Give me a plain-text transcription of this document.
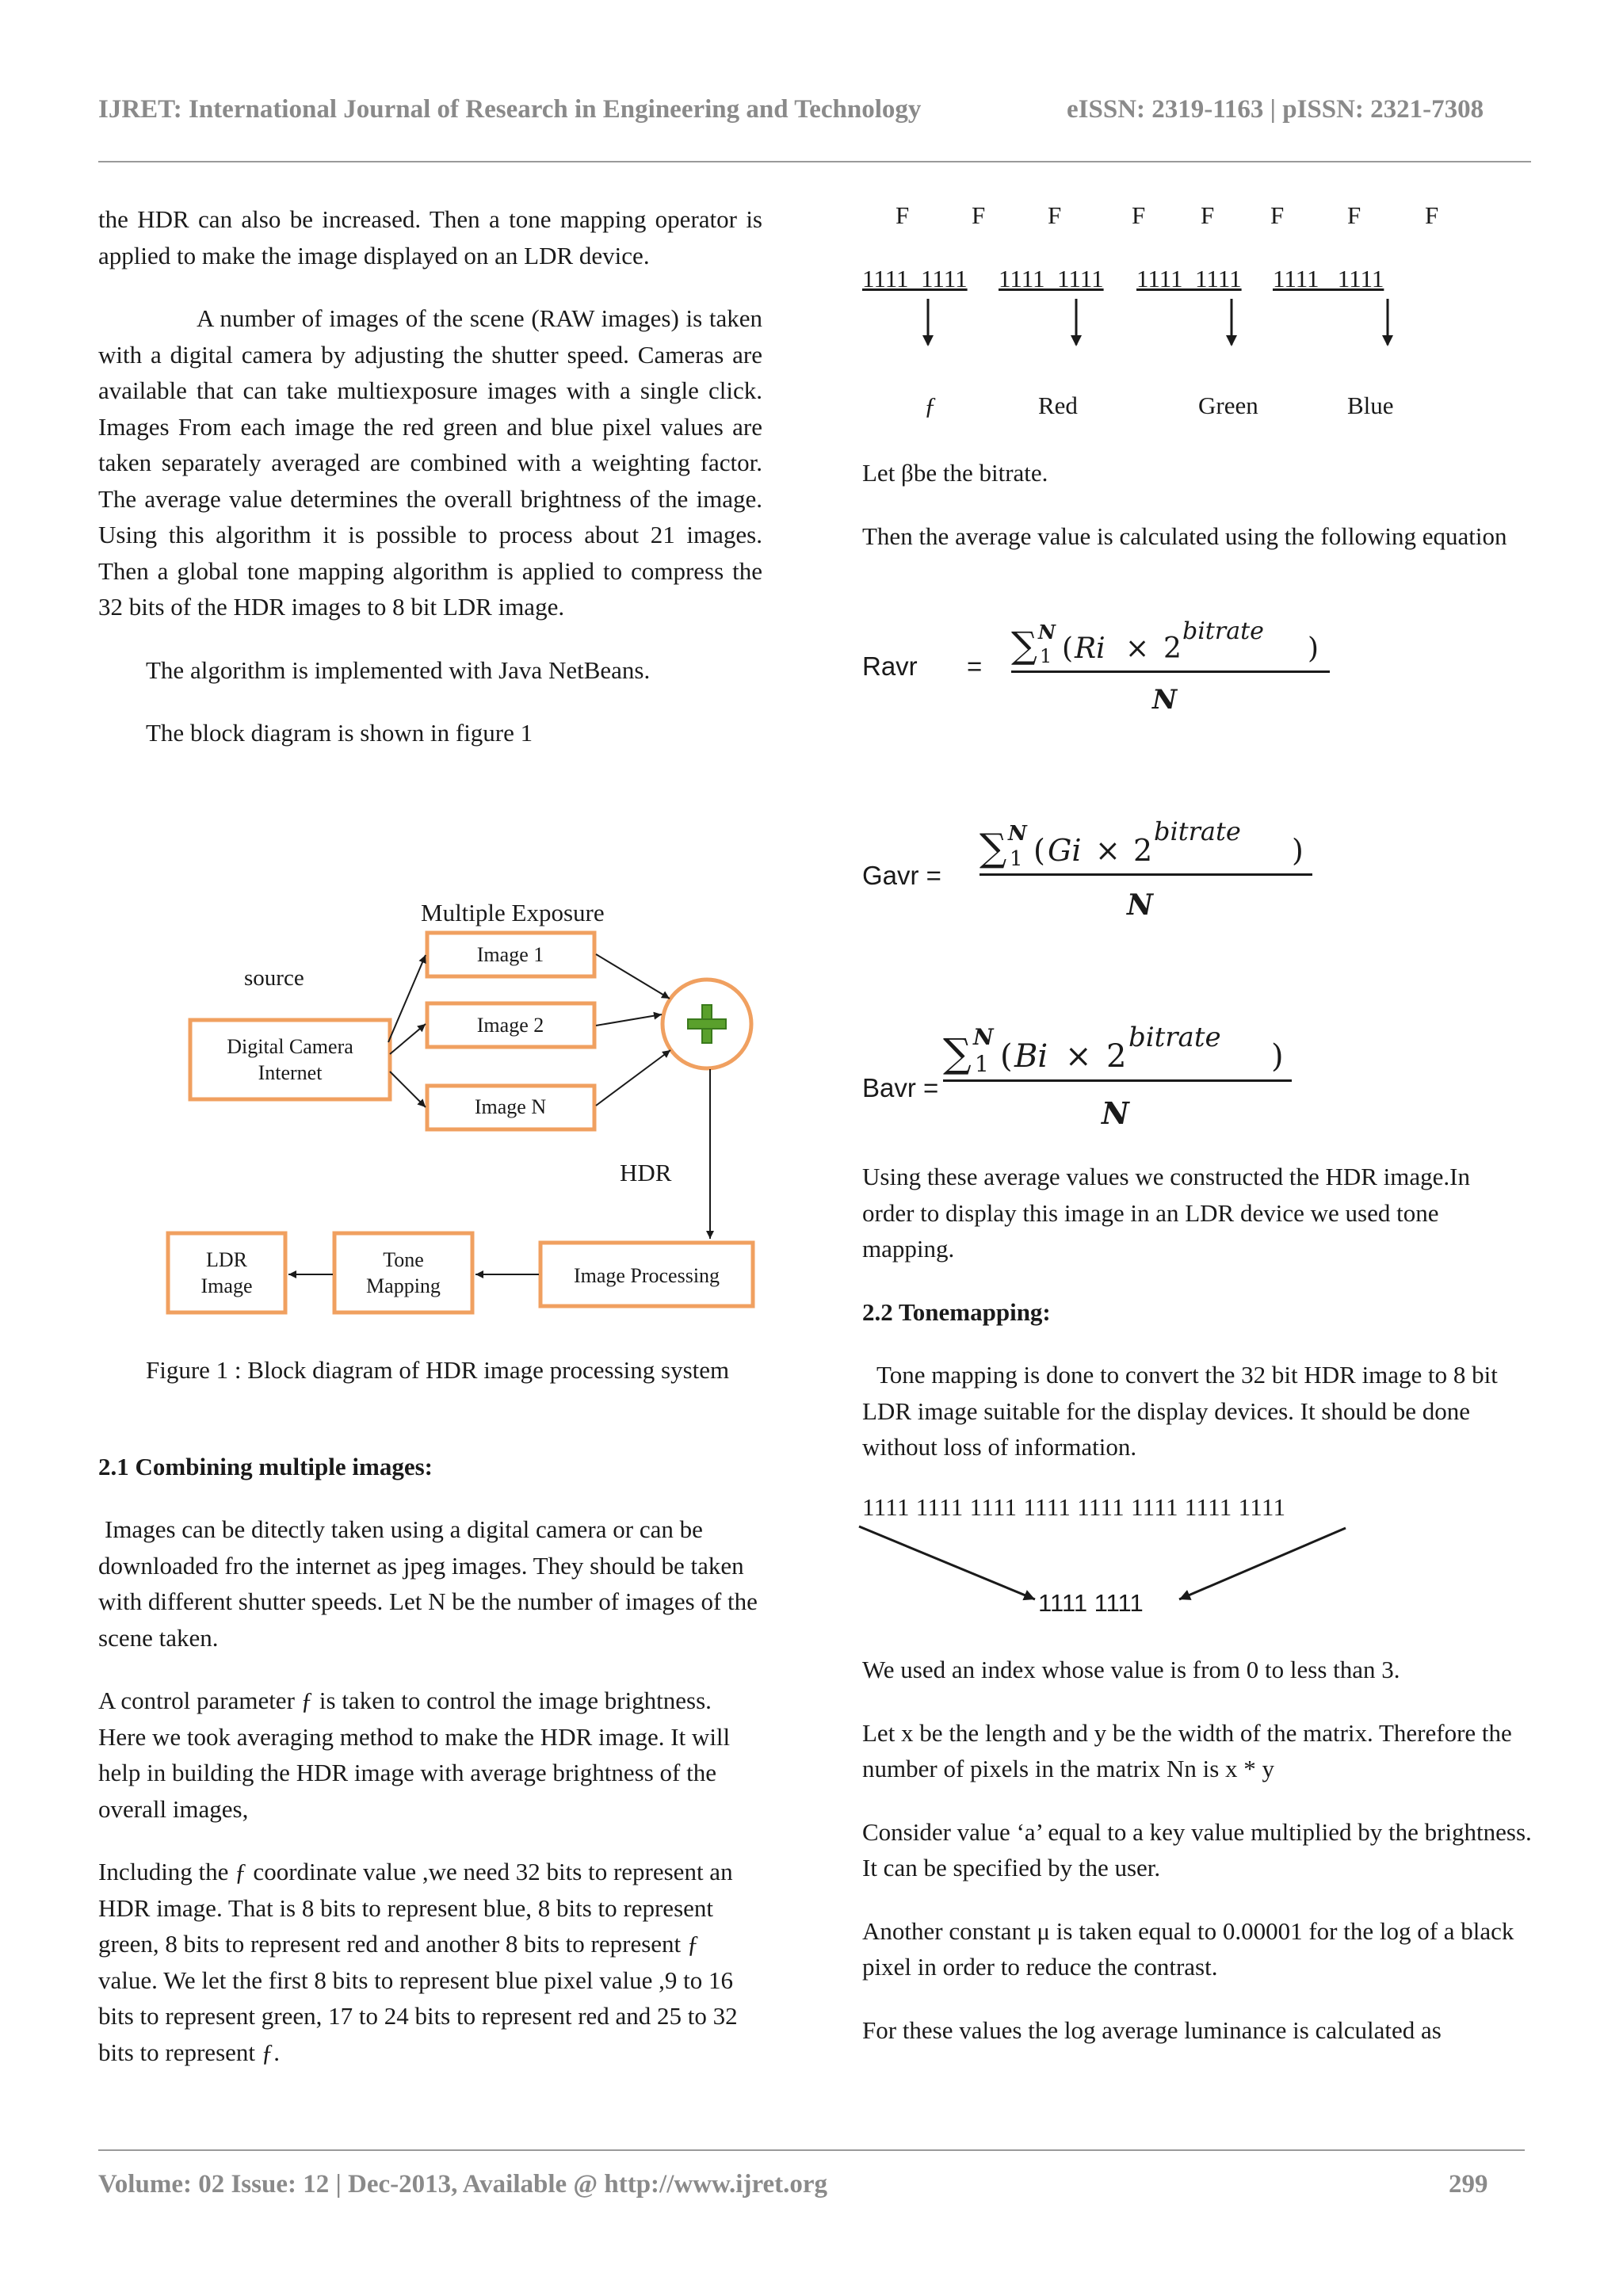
IJRET: International Journal of Research in Engineering and Technology	eISSN: 2319-1163 | pISSN: 2321-7308

the HDR can also be increased. Then a tone mapping operator is applied to make the image displayed on an LDR device.

A number of images of the scene (RAW images) is taken with a digital camera by adjusting the shutter speed. Cameras are available that can take multiexposure images with a single click. Images From each image the red green and blue pixel values are taken separately averaged are combined with a weighting factor. The average value determines the overall brightness of the image. Using this algorithm it is possible to process about 21 images. Then a global tone mapping algorithm is applied to compress the 32 bits of the HDR images to 8 bit LDR image.

The algorithm is implemented with Java NetBeans.

The block diagram is shown in figure 1

Multiple Exposure
source
Digital Camera
Internet
Image 1
Image 2
Image N
HDR
Image Processing
Tone
Mapping
LDR
Image

Figure 1 : Block diagram of HDR image processing system

2.1 Combining multiple images:

Images can be ditectly taken using a digital camera or can be downloaded fro the internet as jpeg images. They should be taken with different shutter speeds. Let N be the number of images of the scene taken.

A control parameter ƒ is taken to control the image brightness. Here we took averaging method to make the HDR image. It will help in building the HDR image with average brightness of the overall images,

Including the ƒ coordinate value ,we need 32 bits to represent an HDR image. That is 8 bits to represent blue, 8 bits to represent green, 8 bits to represent red and another 8 bits to represent ƒ value. We let the first 8 bits to represent blue pixel value ,9 to 16 bits to represent green, 17 to 24 bits to represent red and 25 to 32 bits to represent ƒ.

F	F	F	F F F	F	F
1111  1111 1111  1111 1111  1111 1111   1111
ƒ	Red	Green	Blue

Let βbe the bitrate.

Then the average value is calculated using the following equation

Ravr = ∑ N
1 ( Ri × 2
bitrate
)
N
Gavr =
∑ N
1 ( Gi × 2
bitrate
)
N
Bavr =
∑ N
1 ( Bi × 2
bitrate
)
N

Using these average values we constructed the HDR image.In order to display this image in an LDR device we used tone mapping.

2.2 Tonemapping:

Tone mapping is done to convert the 32 bit HDR image to 8 bit LDR image suitable for the display devices. It should be done without loss of information.

1111 1111 1111 1111 1111 1111 1111 1111
1111 1111

We used an index whose value is from 0 to less than 3.

Let x be the length and y be the width of the matrix. Therefore the number of pixels in the matrix Nn is x * y

Consider value ‘a’ equal to a key value multiplied by the brightness. It can be specified by the user.

Another constant μ is taken equal to 0.00001 for the log of a black pixel in order to reduce the contrast.

For these values the log average luminance is calculated as

Volume: 02 Issue: 12 | Dec-2013, Available @ http://www.ijret.org	299
